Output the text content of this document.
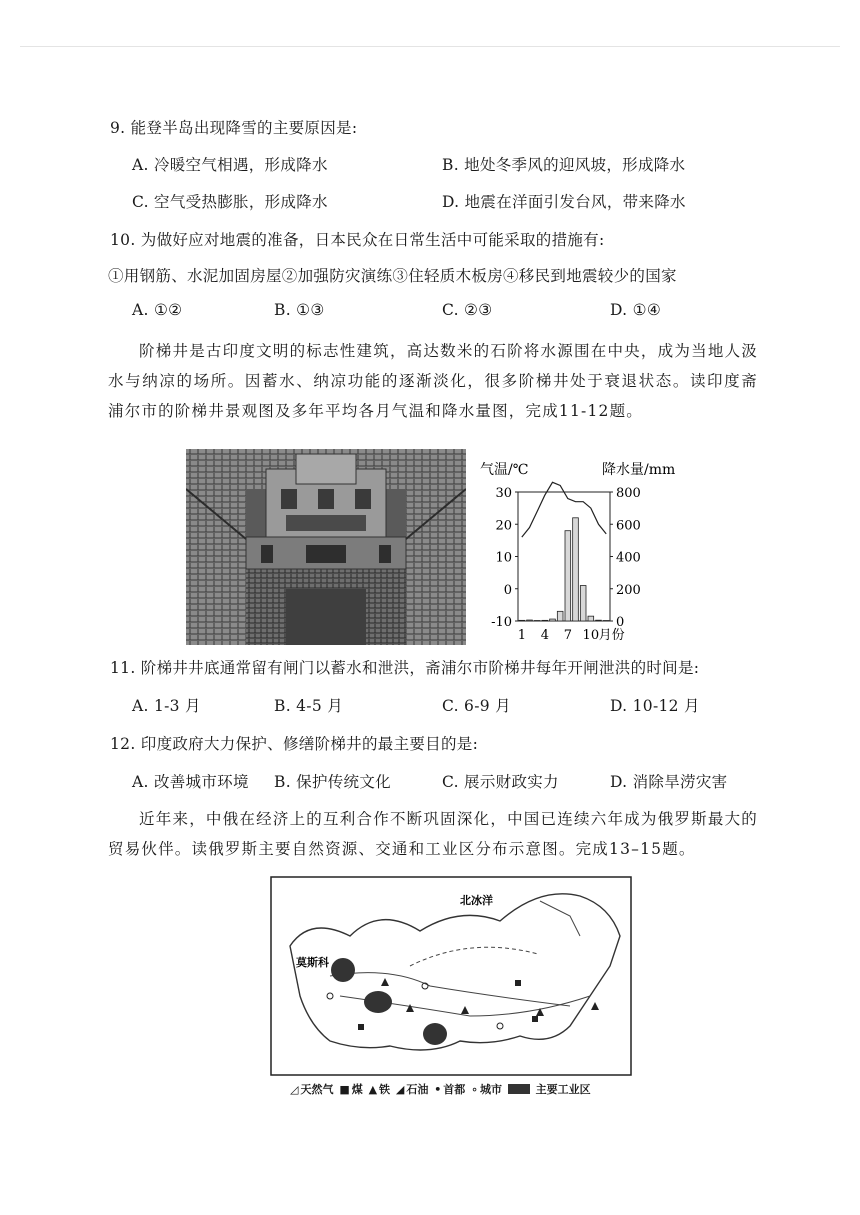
9. 能登半岛出现降雪的主要原因是:
A. 冷暖空气相遇，形成降水	B. 地处冬季风的迎风坡，形成降水
C. 空气受热膨胀，形成降水	D. 地震在洋面引发台风，带来降水
10. 为做好应对地震的准备，日本民众在日常生活中可能采取的措施有:
①用钢筋、水泥加固房屋②加强防灾演练③住轻质木板房④移民到地震较少的国家
A. ①②	B. ①③	C. ②③	D. ①④
阶梯井是古印度文明的标志性建筑，高达数米的石阶将水源围在中央，成为当地人汲水与纳凉的场所。因蓄水、纳凉功能的逐渐淡化，很多阶梯井处于衰退状态。读印度斋浦尔市的阶梯井景观图及多年平均各月气温和降水量图，完成11-12题。
气温/℃	降水量/mm
30
20
10
0
-10
800
600
400
200
0
1 4 7 10 月份
11. 阶梯井井底通常留有闸门以蓄水和泄洪，斋浦尔市阶梯井每年开闸泄洪的时间是:
A. 1-3 月	B. 4-5 月	C. 6-9 月	D. 10-12 月
12. 印度政府大力保护、修缮阶梯井的最主要目的是:
A. 改善城市环境 B. 保护传统文化	C. 展示财政实力	D. 消除旱涝灾害
近年来，中俄在经济上的互利合作不断巩固深化，中国已连续六年成为俄罗斯最大的贸易伙伴。读俄罗斯主要自然资源、交通和工业区分布示意图。完成13–15题。
北冰洋
莫斯科
◿ 天然气 ■ 煤 ▲ 铁 ◢ 石油 • 首都 ∘ 城市	主要工业区
